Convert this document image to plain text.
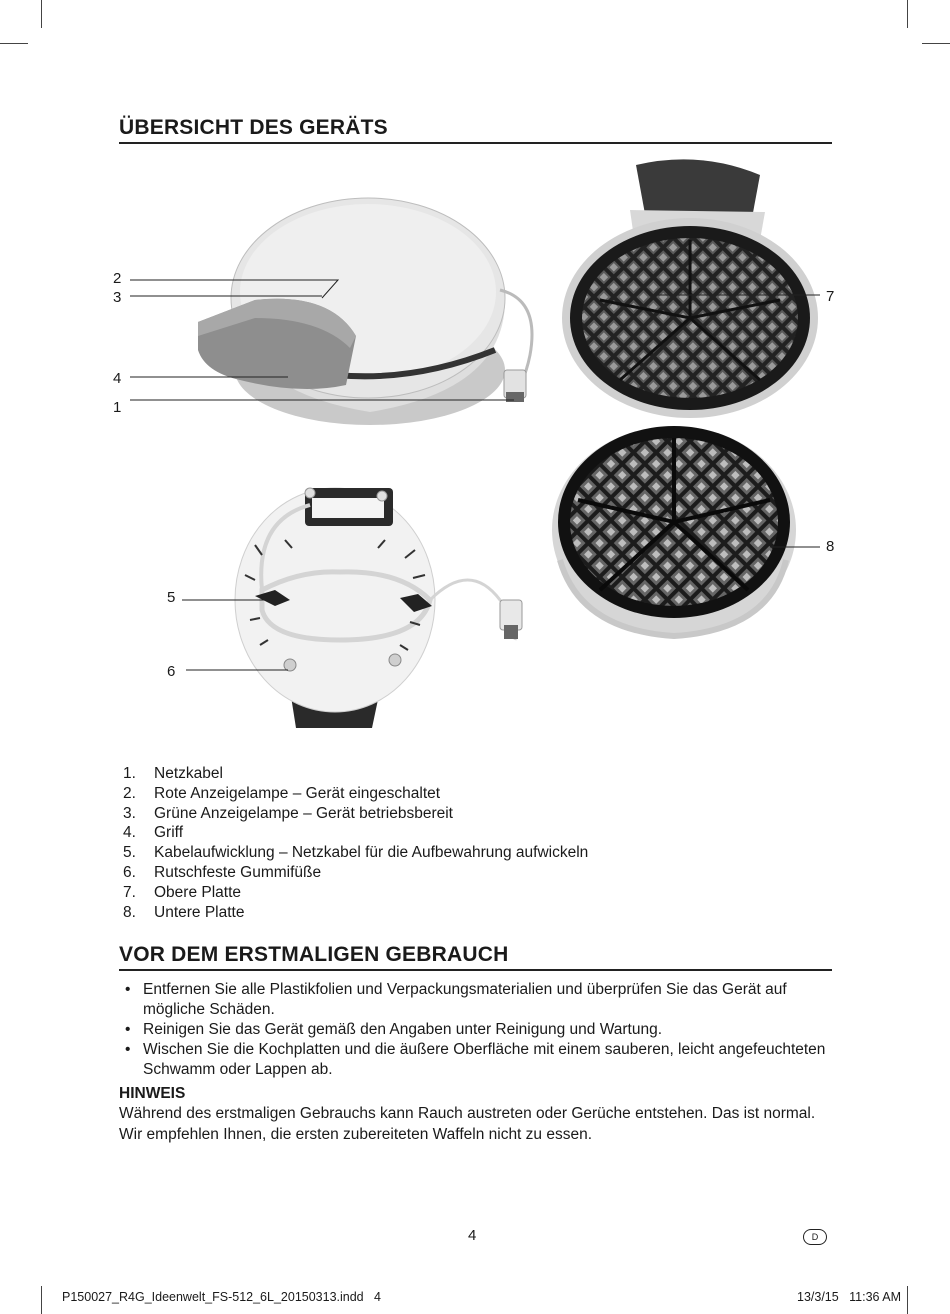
ÜBERSICHT DES GERÄTS
2
3
4
1
7
8
5
6
1. Netzkabel
2. Rote Anzeigelampe – Gerät eingeschaltet
3. Grüne Anzeigelampe – Gerät betriebsbereit
4. Griff
5. Kabelaufwicklung – Netzkabel für die Aufbewahrung aufwickeln
6. Rutschfeste Gummifüße
7. Obere Platte
8. Untere Platte
VOR DEM ERSTMALIGEN GEBRAUCH
• Entfernen Sie alle Plastikfolien und Verpackungsmaterialien und überprüfen Sie das Gerät auf mögliche Schäden.
• Reinigen Sie das Gerät gemäß den Angaben unter Reinigung und Wartung.
• Wischen Sie die Kochplatten und die äußere Oberfläche mit einem sauberen, leicht angefeuchteten Schwamm oder Lappen ab.
HINWEIS
Während des erstmaligen Gebrauchs kann Rauch austreten oder Gerüche entstehen. Das ist normal. Wir empfehlen Ihnen, die ersten zubereiteten Waffeln nicht zu essen.
4	D
P150027_R4G_Ideenwelt_FS-512_6L_20150313.indd   4	13/3/15   11:36 AM
